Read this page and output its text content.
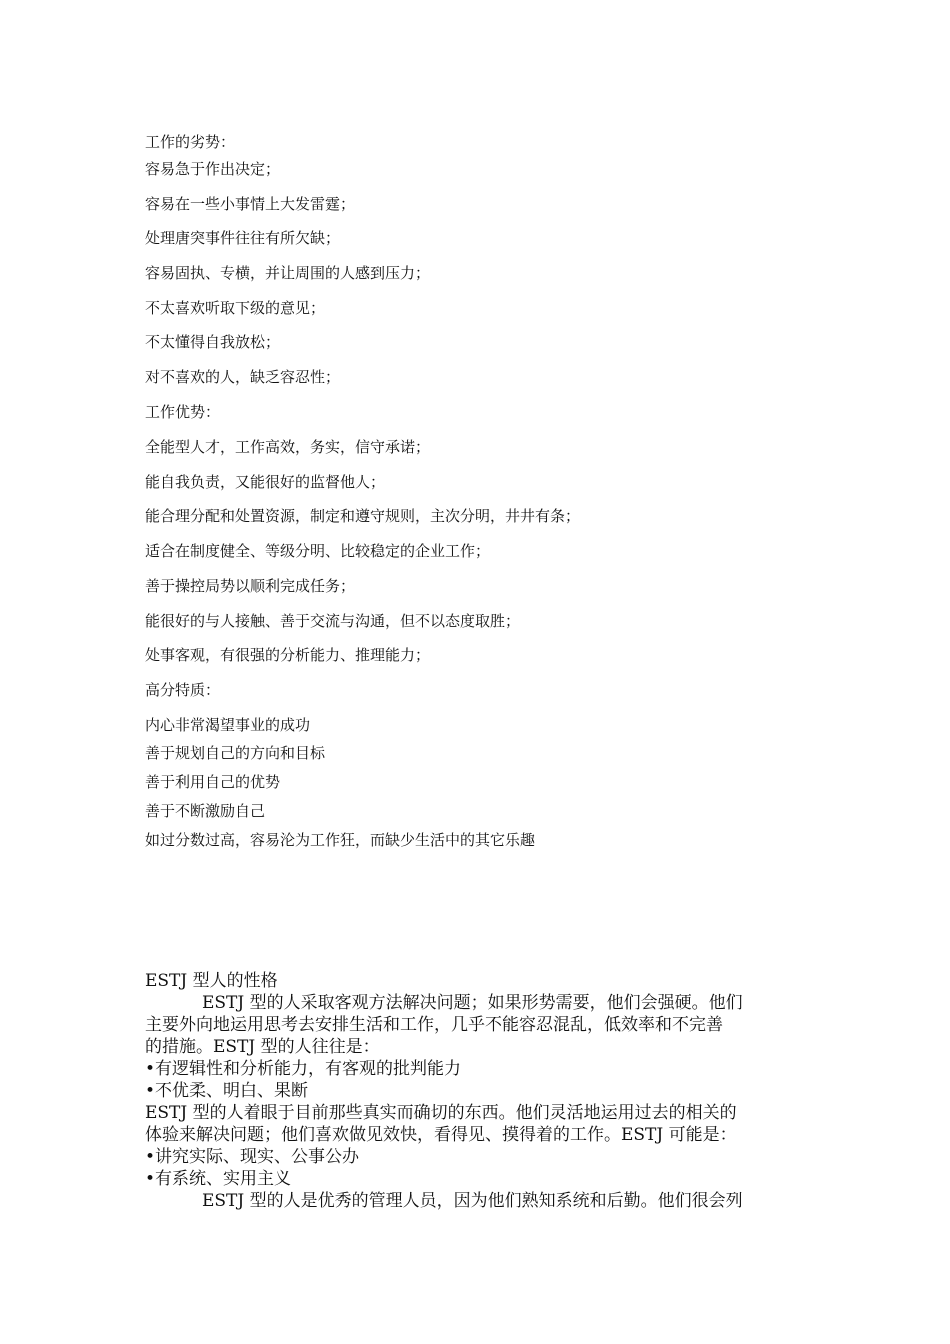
工作的劣势：
容易急于作出决定；
容易在一些小事情上大发雷霆；
处理唐突事件往往有所欠缺；
容易固执、专横，并让周围的人感到压力；
不太喜欢听取下级的意见；
不太懂得自我放松；
对不喜欢的人，缺乏容忍性；
工作优势：
全能型人才，工作高效，务实，信守承诺；
能自我负责，又能很好的监督他人；
能合理分配和处置资源，制定和遵守规则，主次分明，井井有条；
适合在制度健全、等级分明、比较稳定的企业工作；
善于操控局势以顺利完成任务；
能很好的与人接触、善于交流与沟通，但不以态度取胜；
处事客观，有很强的分析能力、推理能力；
高分特质：
内心非常渴望事业的成功
善于规划自己的方向和目标
善于利用自己的优势
善于不断激励自己
如过分数过高，容易沦为工作狂，而缺少生活中的其它乐趣
ESTJ 型人的性格
ESTJ 型的人采取客观方法解决问题；如果形势需要，他们会强硬。他们
主要外向地运用思考去安排生活和工作，几乎不能容忍混乱，低效率和不完善
的措施。ESTJ 型的人往往是：
•有逻辑性和分析能力，有客观的批判能力
•不优柔、明白、果断
ESTJ 型的人着眼于目前那些真实而确切的东西。他们灵活地运用过去的相关的
体验来解决问题；他们喜欢做见效快，看得见、摸得着的工作。ESTJ 可能是：
•讲究实际、现实、公事公办
•有系统、实用主义
ESTJ 型的人是优秀的管理人员，因为他们熟知系统和后勤。他们很会列
